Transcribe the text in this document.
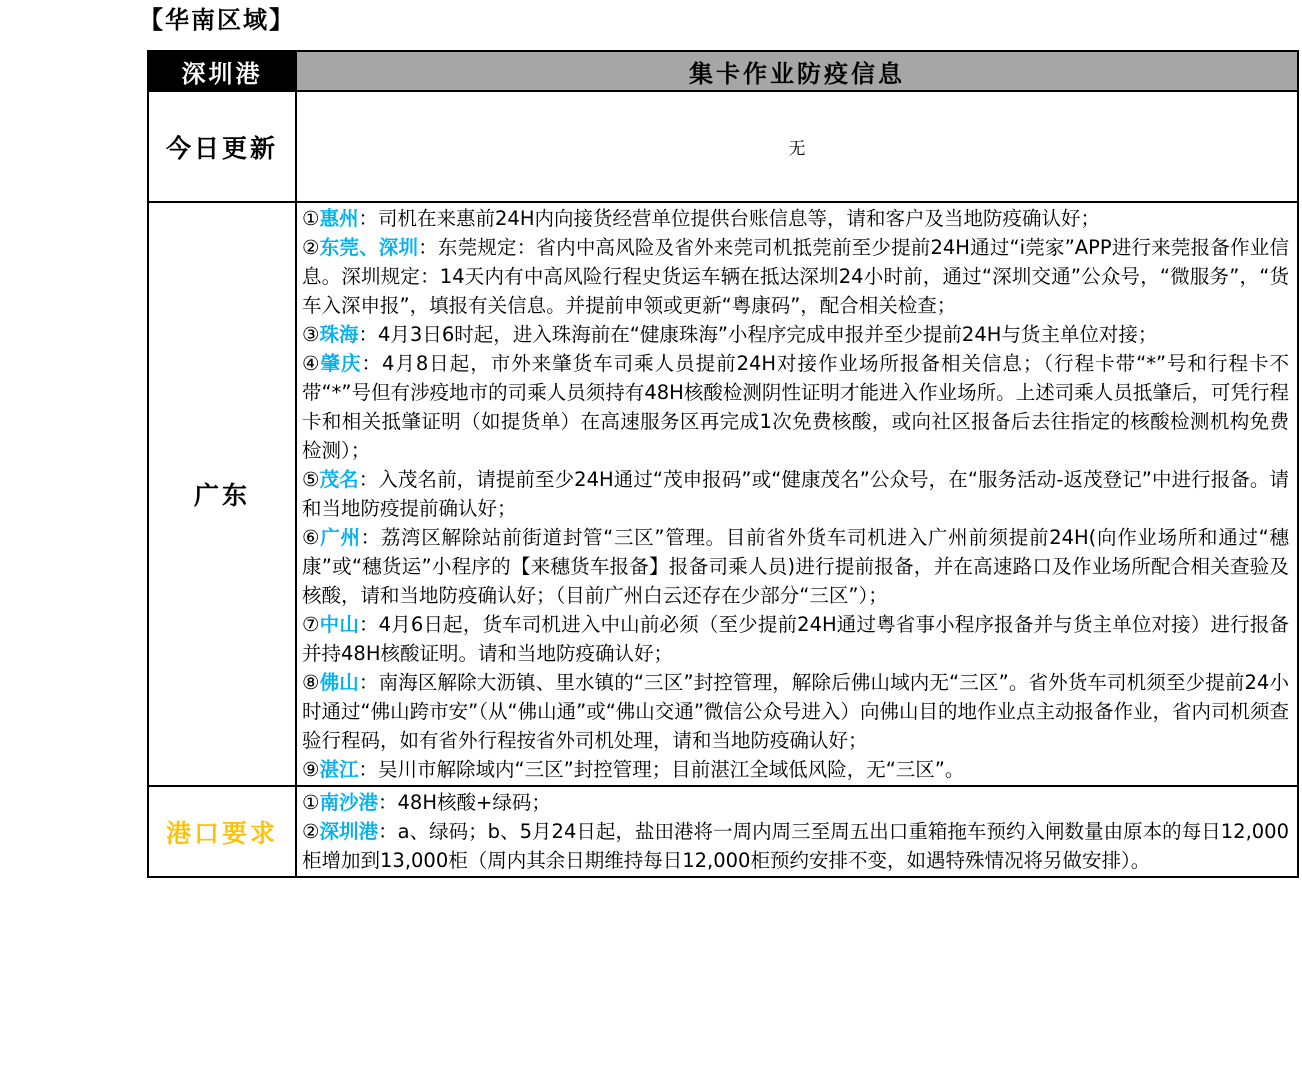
【华南区域】
深圳港	集卡作业防疫信息
今日更新	无
广东	①惠州：司机在来惠前24H内向接货经营单位提供台账信息等，请和客户及当地防疫确认好；②东莞、深圳：东莞规定：省内中高风险及省外来莞司机抵莞前至少提前24H通过“i莞家”APP进行来莞报备作业信息。深圳规定：14天内有中高风险行程史货运车辆在抵达深圳24小时前，通过“深圳交通”公众号，“微服务”，“货车入深申报”，填报有关信息。并提前申领或更新“粤康码”，配合相关检查；③珠海：4月3日6时起，进入珠海前在“健康珠海”小程序完成申报并至少提前24H与货主单位对接；④肇庆：4月8日起，市外来肇货车司乘人员提前24H对接作业场所报备相关信息；（行程卡带“*”号和行程卡不带“*”号但有涉疫地市的司乘人员须持有48H核酸检测阴性证明才能进入作业场所。上述司乘人员抵肇后，可凭行程卡和相关抵肇证明（如提货单）在高速服务区再完成1次免费核酸，或向社区报备后去往指定的核酸检测机构免费检测）；⑤茂名：入茂名前，请提前至少24H通过“茂申报码”或“健康茂名”公众号，在“服务活动-返茂登记”中进行报备。请和当地防疫提前确认好；⑥广州：荔湾区解除站前街道封管“三区”管理。目前省外货车司机进入广州前须提前24H(向作业场所和通过“穗康”或“穗货运”小程序的【来穗货车报备】报备司乘人员)进行提前报备，并在高速路口及作业场所配合相关查验及核酸，请和当地防疫确认好；（目前广州白云还存在少部分“三区”）；⑦中山：4月6日起，货车司机进入中山前必须（至少提前24H通过粤省事小程序报备并与货主单位对接）进行报备并持48H核酸证明。请和当地防疫确认好；⑧佛山：南海区解除大沥镇、里水镇的“三区”封控管理，解除后佛山域内无“三区”。省外货车司机须至少提前24小时通过“佛山跨市安”（从“佛山通”或“佛山交通”微信公众号进入）向佛山目的地作业点主动报备作业，省内司机须查验行程码，如有省外行程按省外司机处理，请和当地防疫确认好；⑨湛江：吴川市解除域内“三区”封控管理；目前湛江全域低风险，无“三区”。
港口要求	①南沙港：48H核酸+绿码；②深圳港：a、绿码；b、5月24日起，盐田港将一周内周三至周五出口重箱拖车预约入闸数量由原本的每日12,000柜增加到13,000柜（周内其余日期维持每日12,000柜预约安排不变，如遇特殊情况将另做安排）。
